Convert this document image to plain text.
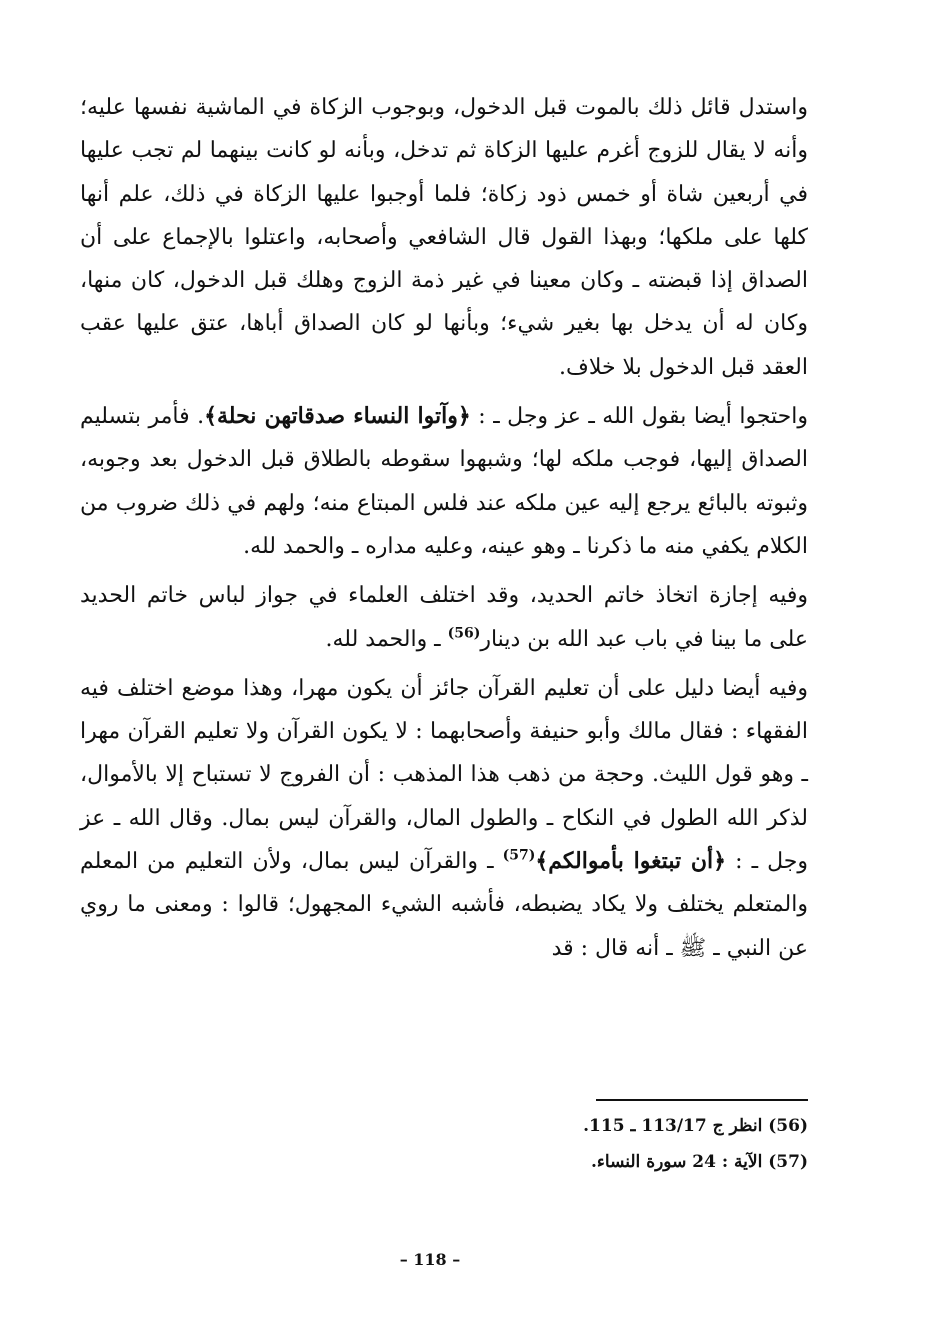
واستدل قائل ذلك بالموت قبل الدخول، وبوجوب الزكاة في الماشية نفسها عليه؛ وأنه لا يقال للزوج أغرم عليها الزكاة ثم تدخل، وبأنه لو كانت بينهما لم تجب عليها في أربعين شاة أو خمس ذود زكاة؛ فلما أوجبوا عليها الزكاة في ذلك، علم أنها كلها على ملكها؛ وبهذا القول قال الشافعي وأصحابه، واعتلوا بالإجماع على أن الصداق إذا قبضته ـ وكان معينا في غير ذمة الزوج وهلك قبل الدخول، كان منها، وكان له أن يدخل بها بغير شيء؛ وبأنها لو كان الصداق أباها، عتق عليها عقب العقد قبل الدخول بلا خلاف.

واحتجوا أيضا بقول الله ـ عز وجل ـ : ﴿وآتوا النساء صدقاتهن نحلة﴾. فأمر بتسليم الصداق إليها، فوجب ملكه لها؛ وشبهوا سقوطه بالطلاق قبل الدخول بعد وجوبه، وثبوته بالبائع يرجع إليه عين ملكه عند فلس المبتاع منه؛ ولهم في ذلك ضروب من الكلام يكفي منه ما ذكرنا ـ وهو عينه، وعليه مداره ـ والحمد لله.

وفيه إجازة اتخاذ خاتم الحديد، وقد اختلف العلماء في جواز لباس خاتم الحديد على ما بينا في باب عبد الله بن دينار$^{(56)}$ ـ والحمد لله.

وفيه أيضا دليل على أن تعليم القرآن جائز أن يكون مهرا، وهذا موضع اختلف فيه الفقهاء : فقال مالك وأبو حنيفة وأصحابهما : لا يكون القرآن ولا تعليم القرآن مهرا ـ وهو قول الليث. وحجة من ذهب هذا المذهب : أن الفروج لا تستباح إلا بالأموال، لذكر الله الطول في النكاح ـ والطول المال، والقرآن ليس بمال. وقال الله ـ عز وجل ـ : ﴿أن تبتغوا بأموالكم﴾$^{(57)}$ ـ والقرآن ليس بمال، ولأن التعليم من المعلم والمتعلم يختلف ولا يكاد يضبطه، فأشبه الشيء المجهول؛ قالوا : ومعنى ما روي عن النبي ـ ﷺ ـ أنه قال : قد

(56) انظر ج 113/17 ـ 115.

(57) الآية : 24 سورة النساء.

– 118 –
